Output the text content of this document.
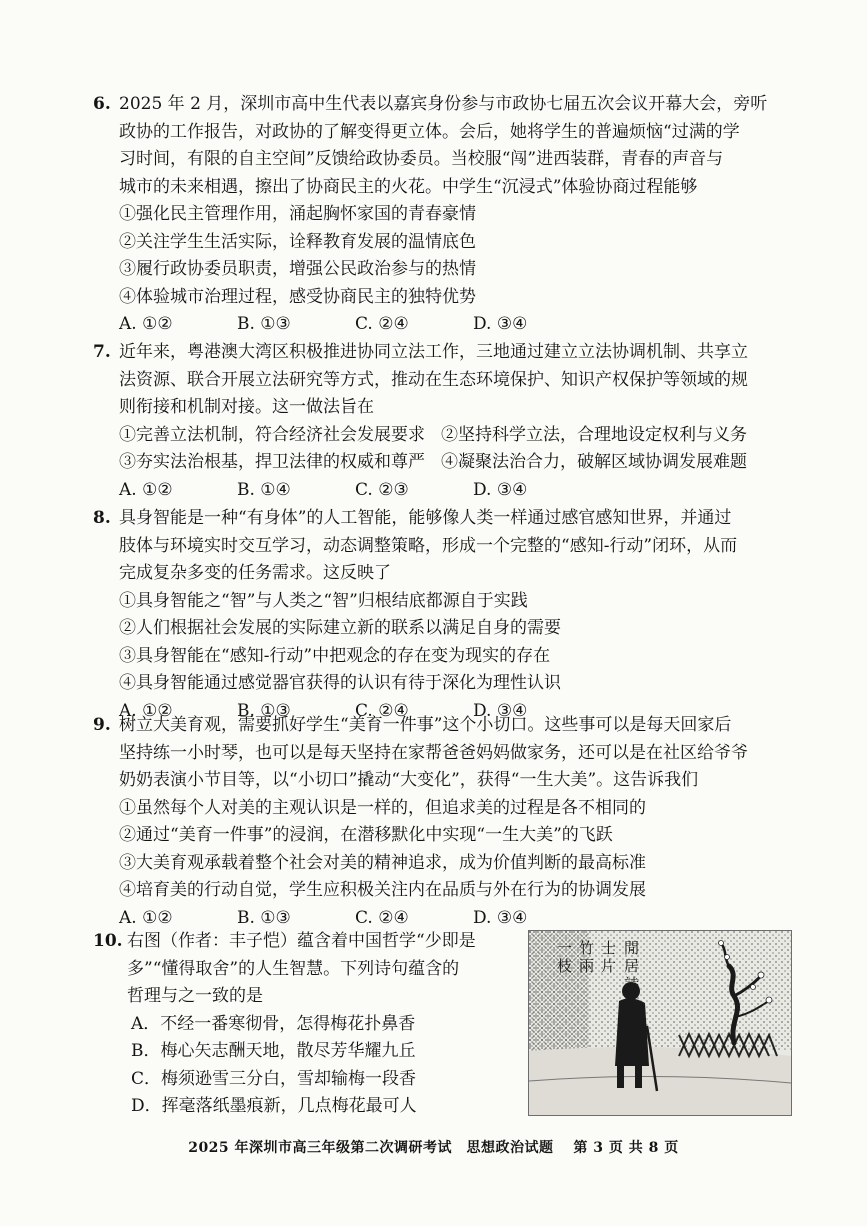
6. 2025 年 2 月，深圳市高中生代表以嘉宾身份参与市政协七届五次会议开幕大会，旁听
政协的工作报告，对政协的了解变得更立体。会后，她将学生的普遍烦恼“过满的学
习时间，有限的自主空间”反馈给政协委员。当校服“闯”进西装群，青春的声音与
城市的未来相遇，擦出了协商民主的火花。中学生“沉浸式”体验协商过程能够
①强化民主管理作用，涌起胸怀家国的青春豪情
②关注学生生活实际，诠释教育发展的温情底色
③履行政协委员职责，增强公民政治参与的热情
④体验城市治理过程，感受协商民主的独特优势
A. ①②	B. ①③	C. ②④	D. ③④
7. 近年来，粤港澳大湾区积极推进协同立法工作，三地通过建立立法协调机制、共享立
法资源、联合开展立法研究等方式，推动在生态环境保护、知识产权保护等领域的规
则衔接和机制对接。这一做法旨在
①完善立法机制，符合经济社会发展要求 ②坚持科学立法，合理地设定权利与义务
③夯实法治根基，捍卫法律的权威和尊严 ④凝聚法治合力，破解区域协调发展难题
A. ①②	B. ①④	C. ②③	D. ③④
8. 具身智能是一种“有身体”的人工智能，能够像人类一样通过感官感知世界，并通过
肢体与环境实时交互学习，动态调整策略，形成一个完整的“感知-行动”闭环，从而
完成复杂多变的任务需求。这反映了
①具身智能之“智”与人类之“智”归根结底都源自于实践
②人们根据社会发展的实际建立新的联系以满足自身的需要
③具身智能在“感知-行动”中把观念的存在变为现实的存在
④具身智能通过感觉器官获得的认识有待于深化为理性认识
A. ①②	B. ①③	C. ②④	D. ③④
9. 树立大美育观，需要抓好学生“美育一件事”这个小切口。这些事可以是每天回家后
坚持练一小时琴，也可以是每天坚持在家帮爸爸妈妈做家务，还可以是在社区给爷爷
奶奶表演小节目等，以“小切口”撬动“大变化”，获得“一生大美”。这告诉我们
①虽然每个人对美的主观认识是一样的，但追求美的过程是各不相同的
②通过“美育一件事”的浸润，在潜移默化中实现“一生大美”的飞跃
③大美育观承载着整个社会对美的精神追求，成为价值判断的最高标准
④培育美的行动自觉，学生应积极关注内在品质与外在行为的协调发展
A. ①②	B. ①③	C. ②④	D. ③④
10. 右图（作者：丰子恺）蕴含着中国哲学“少即是
多”“懂得取舍”的人生智慧。下列诗句蕴含的
哲理与之一致的是
A．不经一番寒彻骨，怎得梅花扑鼻香
B．梅心矢志酬天地，散尽芳华耀九丘
C．梅须逊雪三分白，雪却输梅一段香
D．挥毫落纸墨痕新，几点梅花最可人
閒
居
詩
士
片
竹
兩
一
枝
2025 年深圳市高三年级第二次调研考试　思想政治试题　 第 3 页 共 8 页
